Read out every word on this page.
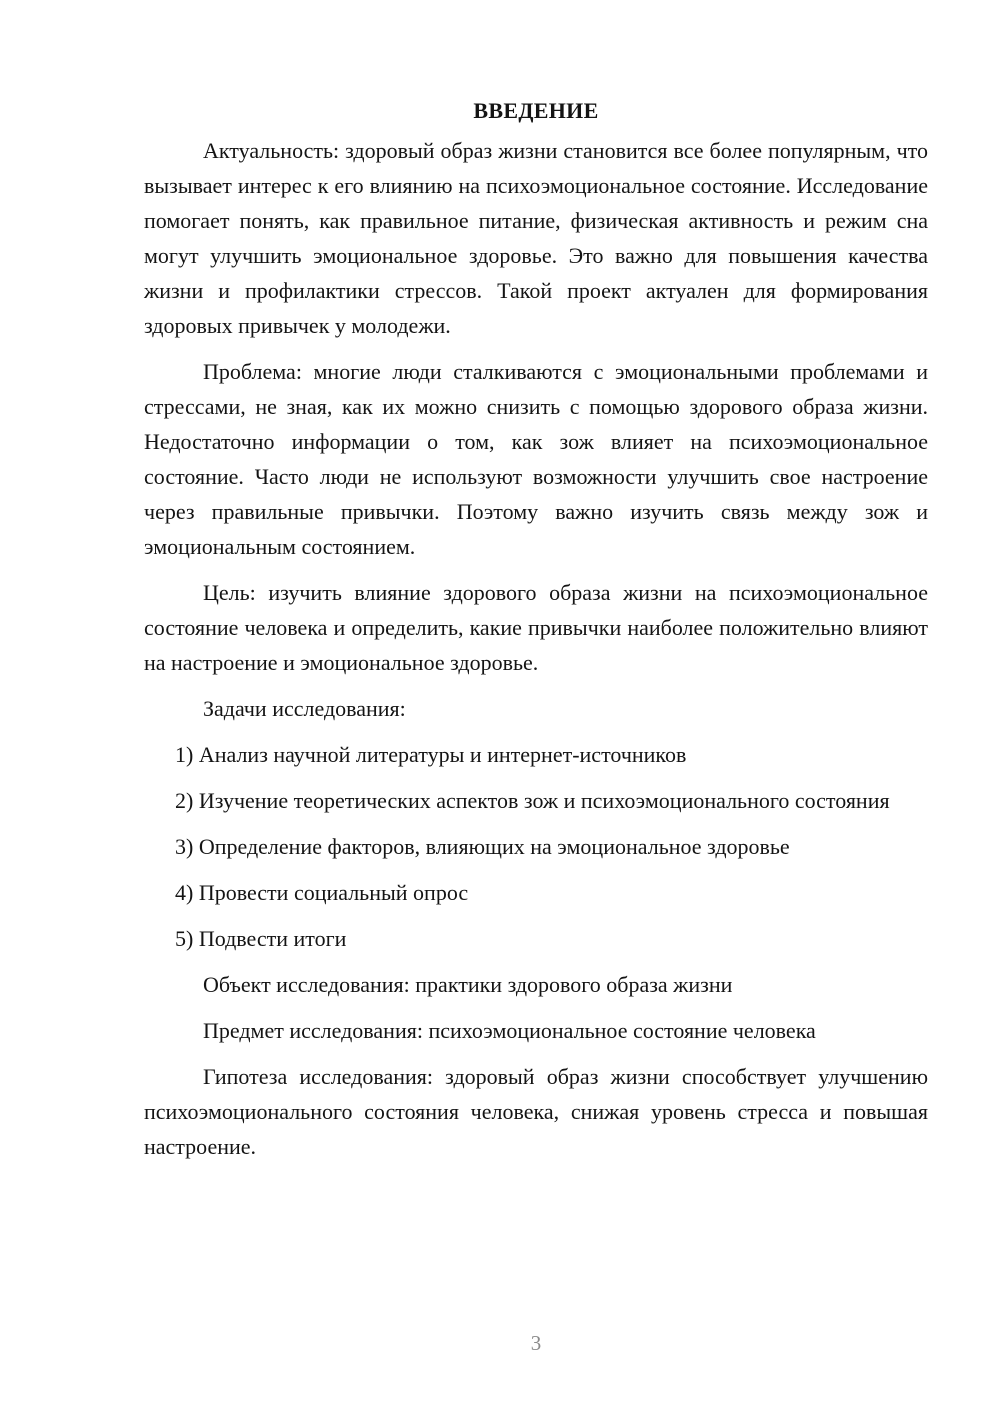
ВВЕДЕНИЕ

Актуальность: здоровый образ жизни становится все более популярным, что вызывает интерес к его влиянию на психоэмоциональное состояние. Исследование помогает понять, как правильное питание, физическая активность и режим сна могут улучшить эмоциональное здоровье. Это важно для повышения качества жизни и профилактики стрессов. Такой проект актуален для формирования здоровых привычек у молодежи.

Проблема: многие люди сталкиваются с эмоциональными проблемами и стрессами, не зная, как их можно снизить с помощью здорового образа жизни. Недостаточно информации о том, как зож влияет на психоэмоциональное состояние. Часто люди не используют возможности улучшить свое настроение через правильные привычки. Поэтому важно изучить связь между зож и эмоциональным состоянием.

Цель: изучить влияние здорового образа жизни на психоэмоциональное состояние человека и определить, какие привычки наиболее положительно влияют на настроение и эмоциональное здоровье.

Задачи исследования:

1) Анализ научной литературы и интернет-источников

2) Изучение теоретических аспектов зож и психоэмоционального состояния

3) Определение факторов, влияющих на эмоциональное здоровье

4) Провести социальный опрос

5) Подвести итоги

Объект исследования: практики здорового образа жизни

Предмет исследования: психоэмоциональное состояние человека

Гипотеза исследования: здоровый образ жизни способствует улучшению психоэмоционального состояния человека, снижая уровень стресса и повышая настроение.

3
